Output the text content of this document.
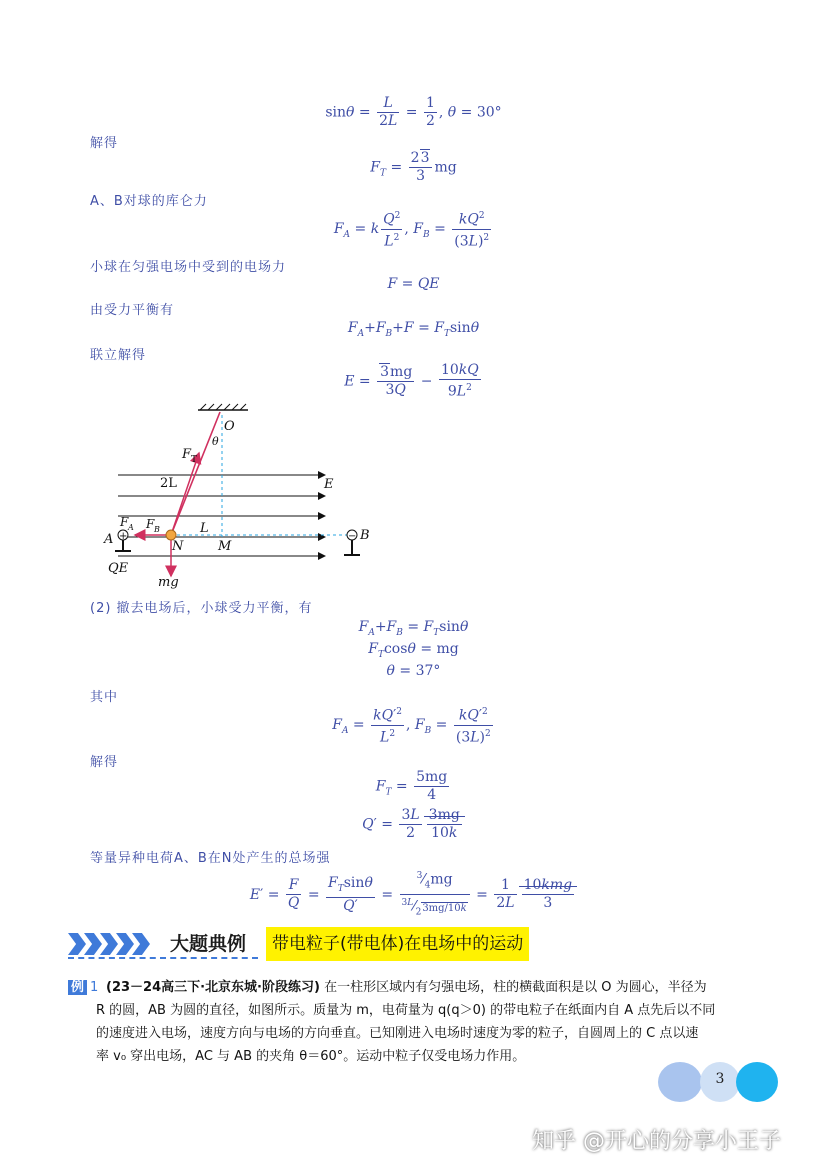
$\sin\theta = \frac{L}{2L} = \frac{1}{2}$ , θ = 30°
解得
$F_T = \frac{23}{3}$ mg
A、B对球的库仑力
$F_A = k \frac{Q^2}{L^2}$ , $F_B = \frac{kQ^2}{(3L)^2}$
小球在匀强电场中受到的电场力
F = QE
由受力平衡有
$F_A+F_B+F = F_T\sin\theta$
联立解得
$E = \frac{3mg}{3Q} - \frac{10kQ}{9L^2}$
+	−
O
θ
F T
2L	E
F A F B	L
A	N	M
B
QE
mg
(2) 撤去电场后，小球受力平衡，有
$F_A+F_B = F_T\sin\theta$
$F_T\cos\theta$ = mg
θ = 37°
其中
$F_A = \frac{kQ'^2}{L^2}$ , $F_B = \frac{kQ'^2}{(3L)^2}$
解得
$F_T = \frac{5mg}{4}$
$Q' = \frac{3L}{2} \frac{3mg}{10k}$
等量异种电荷A、B在N处产生的总场强
$E' = \frac{F}{Q} = \frac{F_T\sin\theta}{Q'} = \frac{^3⁄_4mg}{^{3L}⁄_23mg/10k} = \frac{1}{2L} \frac{\text{10kmg}}{3}$
大题典例	带电粒子(带电体)在电场中的运动
例 1 (23－24高三下·北京东城·阶段练习) 在一柱形区域内有匀强电场，柱的横截面积是以 O 为圆心，半径为
R 的圆，AB 为圆的直径，如图所示。质量为 m，电荷量为 q(q＞0) 的带电粒子在纸面内自 A 点先后以不同
的速度进入电场，速度方向与电场的方向垂直。已知刚进入电场时速度为零的粒子，自圆周上的 C 点以速
率 v₀ 穿出电场，AC 与 AB 的夹角 θ＝60°。运动中粒子仅受电场力作用。
3
知乎 @开心的分享小王子
